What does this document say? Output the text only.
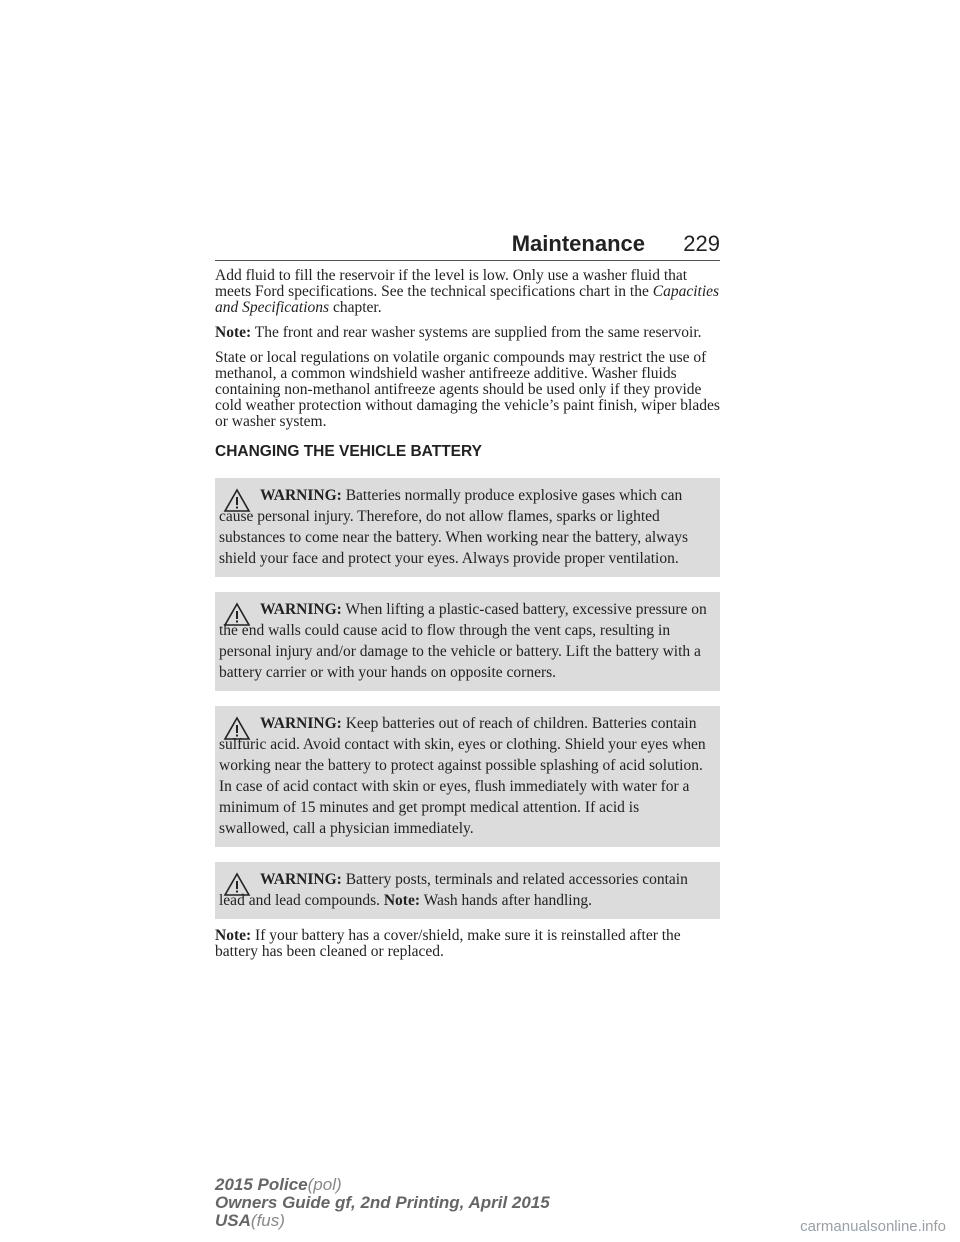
Maintenance 229

Add fluid to fill the reservoir if the level is low. Only use a washer fluid that meets Ford specifications. See the technical specifications chart in the Capacities and Specifications chapter.

Note: The front and rear washer systems are supplied from the same reservoir.

State or local regulations on volatile organic compounds may restrict the use of methanol, a common windshield washer antifreeze additive. Washer fluids containing non-methanol antifreeze agents should be used only if they provide cold weather protection without damaging the vehicle’s paint finish, wiper blades or washer system.

CHANGING THE VEHICLE BATTERY
WARNING: Batteries normally produce explosive gases which can cause personal injury. Therefore, do not allow flames, sparks or lighted substances to come near the battery. When working near the battery, always shield your face and protect your eyes. Always provide proper ventilation.
WARNING: When lifting a plastic-cased battery, excessive pressure on the end walls could cause acid to flow through the vent caps, resulting in personal injury and/or damage to the vehicle or battery. Lift the battery with a battery carrier or with your hands on opposite corners.
WARNING: Keep batteries out of reach of children. Batteries contain sulfuric acid. Avoid contact with skin, eyes or clothing. Shield your eyes when working near the battery to protect against possible splashing of acid solution. In case of acid contact with skin or eyes, flush immediately with water for a minimum of 15 minutes and get prompt medical attention. If acid is swallowed, call a physician immediately.
WARNING: Battery posts, terminals and related accessories contain lead and lead compounds. Note: Wash hands after handling.

Note: If your battery has a cover/shield, make sure it is reinstalled after the battery has been cleaned or replaced.

2015 Police(pol)
Owners Guide gf, 2nd Printing, April 2015
USA(fus)	carmanualsonline.info
